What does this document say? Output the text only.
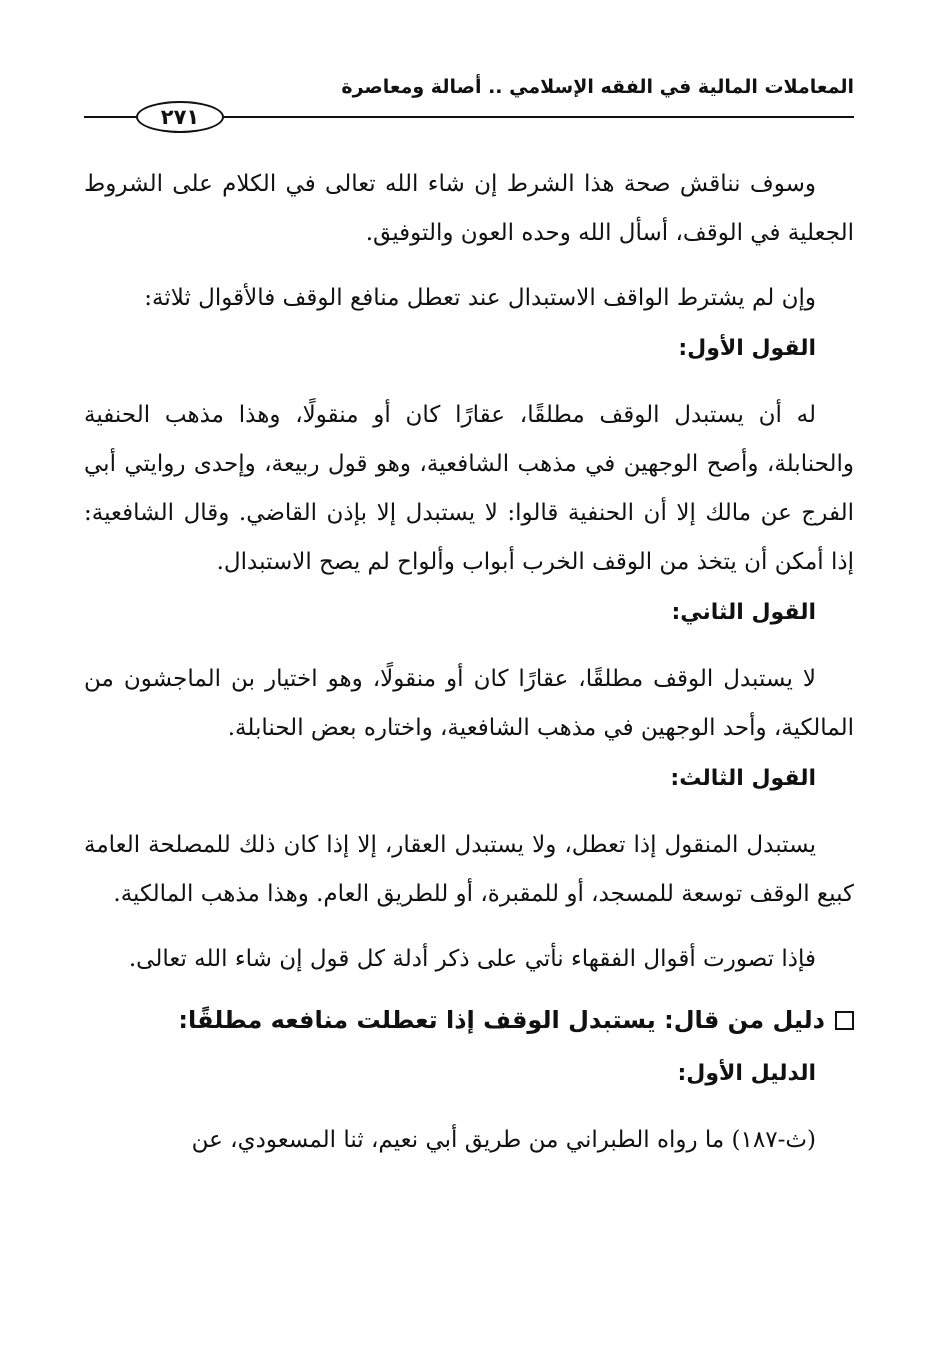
المعاملات المالية في الفقه الإسلامي .. أصالة ومعاصرة
٢٧١

وسوف نناقش صحة هذا الشرط إن شاء الله تعالى في الكلام على الشروط الجعلية في الوقف، أسأل الله وحده العون والتوفيق.

وإن لم يشترط الواقف الاستبدال عند تعطل منافع الوقف فالأقوال ثلاثة:

القول الأول:

له أن يستبدل الوقف مطلقًا، عقارًا كان أو منقولًا، وهذا مذهب الحنفية والحنابلة، وأصح الوجهين في مذهب الشافعية، وهو قول ربيعة، وإحدى روايتي أبي الفرج عن مالك إلا أن الحنفية قالوا: لا يستبدل إلا بإذن القاضي. وقال الشافعية: إذا أمكن أن يتخذ من الوقف الخرب أبواب وألواح لم يصح الاستبدال.

القول الثاني:

لا يستبدل الوقف مطلقًا، عقارًا كان أو منقولًا، وهو اختيار بن الماجشون من المالكية، وأحد الوجهين في مذهب الشافعية، واختاره بعض الحنابلة.

القول الثالث:

يستبدل المنقول إذا تعطل، ولا يستبدل العقار، إلا إذا كان ذلك للمصلحة العامة كبيع الوقف توسعة للمسجد، أو للمقبرة، أو للطريق العام. وهذا مذهب المالكية.

فإذا تصورت أقوال الفقهاء نأتي على ذكر أدلة كل قول إن شاء الله تعالى.

دليل من قال: يستبدل الوقف إذا تعطلت منافعه مطلقًا:

الدليل الأول:

(ث-١٨٧) ما رواه الطبراني من طريق أبي نعيم، ثنا المسعودي، عن
